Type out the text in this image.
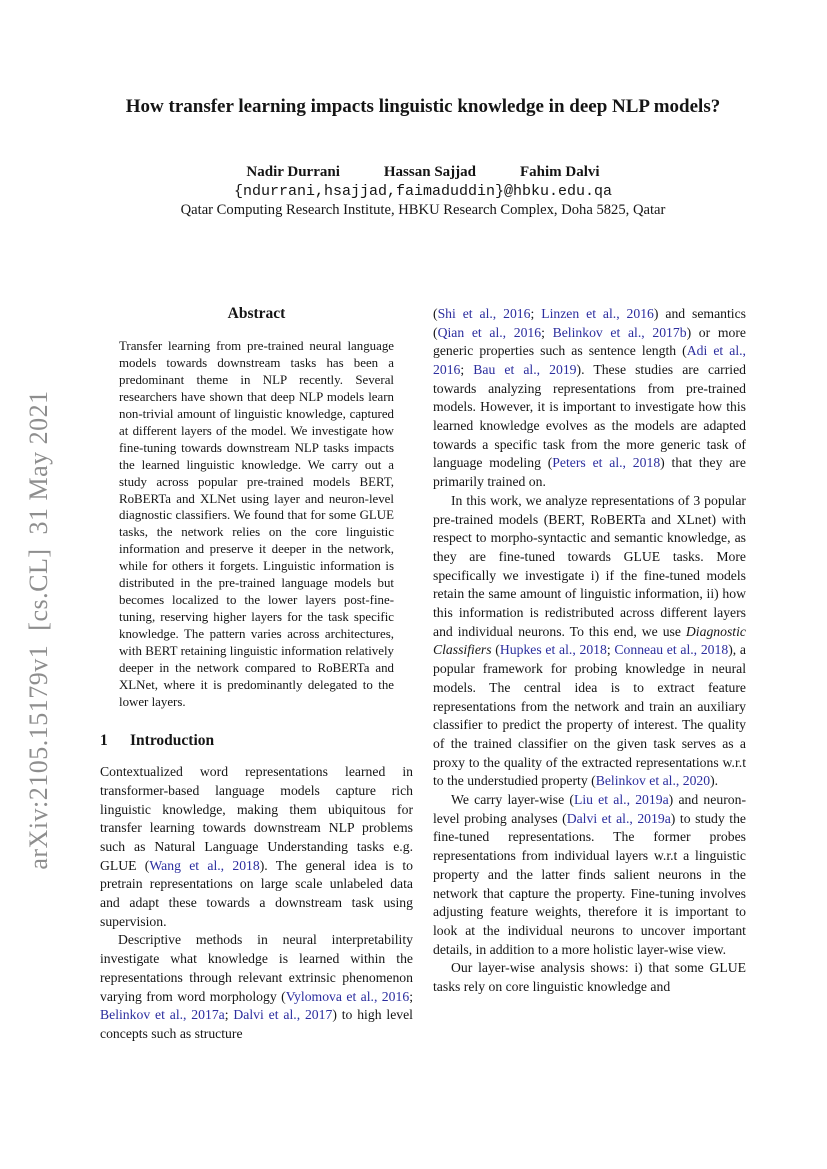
arXiv:2105.15179v1  [cs.CL]  31 May 2021
How transfer learning impacts linguistic knowledge in deep NLP models?
Nadir Durrani	Hassan Sajjad	Fahim Dalvi
{ndurrani,hsajjad,faimaduddin}@hbku.edu.qa
Qatar Computing Research Institute, HBKU Research Complex, Doha 5825, Qatar
Abstract

Transfer learning from pre-trained neural language models towards downstream tasks has been a predominant theme in NLP recently. Several researchers have shown that deep NLP models learn non-trivial amount of linguistic knowledge, captured at different layers of the model. We investigate how fine-tuning towards downstream NLP tasks impacts the learned linguistic knowledge. We carry out a study across popular pre-trained models BERT, RoBERTa and XLNet using layer and neuron-level diagnostic classifiers. We found that for some GLUE tasks, the network relies on the core linguistic information and preserve it deeper in the network, while for others it forgets. Linguistic information is distributed in the pre-trained language models but becomes localized to the lower layers post-fine-tuning, reserving higher layers for the task specific knowledge. The pattern varies across architectures, with BERT retaining linguistic information relatively deeper in the network compared to RoBERTa and XLNet, where it is predominantly delegated to the lower layers.

1	Introduction

Contextualized word representations learned in transformer-based language models capture rich linguistic knowledge, making them ubiquitous for transfer learning towards downstream NLP problems such as Natural Language Understanding tasks e.g. GLUE (Wang et al., 2018). The general idea is to pretrain representations on large scale unlabeled data and adapt these towards a downstream task using supervision.

Descriptive methods in neural interpretability investigate what knowledge is learned within the representations through relevant extrinsic phenomenon varying from word morphology (Vylomova et al., 2016; Belinkov et al., 2017a; Dalvi et al., 2017) to high level concepts such as structure

(Shi et al., 2016; Linzen et al., 2016) and semantics (Qian et al., 2016; Belinkov et al., 2017b) or more generic properties such as sentence length (Adi et al., 2016; Bau et al., 2019). These studies are carried towards analyzing representations from pre-trained models. However, it is important to investigate how this learned knowledge evolves as the models are adapted towards a specific task from the more generic task of language modeling (Peters et al., 2018) that they are primarily trained on.

In this work, we analyze representations of 3 popular pre-trained models (BERT, RoBERTa and XLnet) with respect to morpho-syntactic and semantic knowledge, as they are fine-tuned towards GLUE tasks. More specifically we investigate i) if the fine-tuned models retain the same amount of linguistic information, ii) how this information is redistributed across different layers and individual neurons. To this end, we use Diagnostic Classifiers (Hupkes et al., 2018; Conneau et al., 2018), a popular framework for probing knowledge in neural models. The central idea is to extract feature representations from the network and train an auxiliary classifier to predict the property of interest. The quality of the trained classifier on the given task serves as a proxy to the quality of the extracted representations w.r.t to the understudied property (Belinkov et al., 2020).

We carry layer-wise (Liu et al., 2019a) and neuron-level probing analyses (Dalvi et al., 2019a) to study the fine-tuned representations. The former probes representations from individual layers w.r.t a linguistic property and the latter finds salient neurons in the network that capture the property. Fine-tuning involves adjusting feature weights, therefore it is important to look at the individual neurons to uncover important details, in addition to a more holistic layer-wise view.

Our layer-wise analysis shows: i) that some GLUE tasks rely on core linguistic knowledge and
